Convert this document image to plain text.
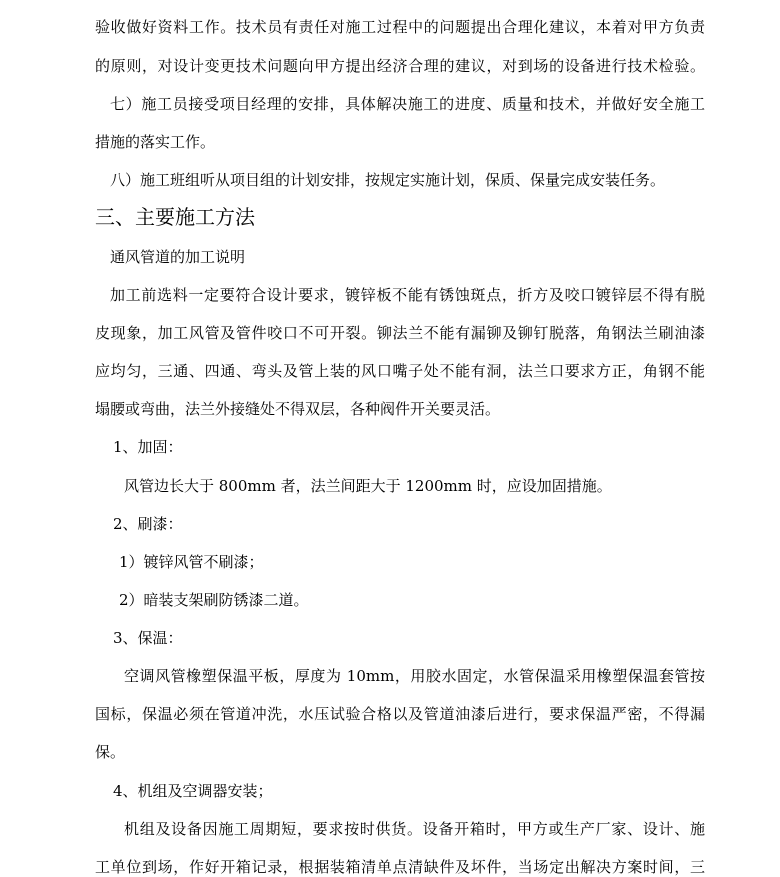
验收做好资料工作。技术员有责任对施工过程中的问题提出合理化建议，本着对甲方负责
的原则，对设计变更技术问题向甲方提出经济合理的建议，对到场的设备进行技术检验。
七）施工员接受项目经理的安排，具体解决施工的进度、质量和技术，并做好安全施工
措施的落实工作。
八）施工班组听从项目组的计划安排，按规定实施计划，保质、保量完成安装任务。
三、主要施工方法
通风管道的加工说明
加工前选料一定要符合设计要求，镀锌板不能有锈蚀斑点，折方及咬口镀锌层不得有脱
皮现象，加工风管及管件咬口不可开裂。铆法兰不能有漏铆及铆钉脱落，角钢法兰刷油漆
应均匀，三通、四通、弯头及管上装的风口嘴子处不能有洞，法兰口要求方正，角钢不能
塌腰或弯曲，法兰外接缝处不得双层，各种阀件开关要灵活。
1、加固：
风管边长大于 800mm 者，法兰间距大于 1200mm 时，应设加固措施。
2、刷漆：
1）镀锌风管不刷漆；
2）暗装支架刷防锈漆二道。
3、保温：
空调风管橡塑保温平板，厚度为 10mm，用胶水固定，水管保温采用橡塑保温套管按
国标，保温必须在管道冲洗，水压试验合格以及管道油漆后进行，要求保温严密，不得漏
保。
4、机组及空调器安装；
机组及设备因施工周期短，要求按时供货。设备开箱时，甲方或生产厂家、设计、施
工单位到场，作好开箱记录，根据装箱清单点清缺件及坏件，当场定出解决方案时间，三
